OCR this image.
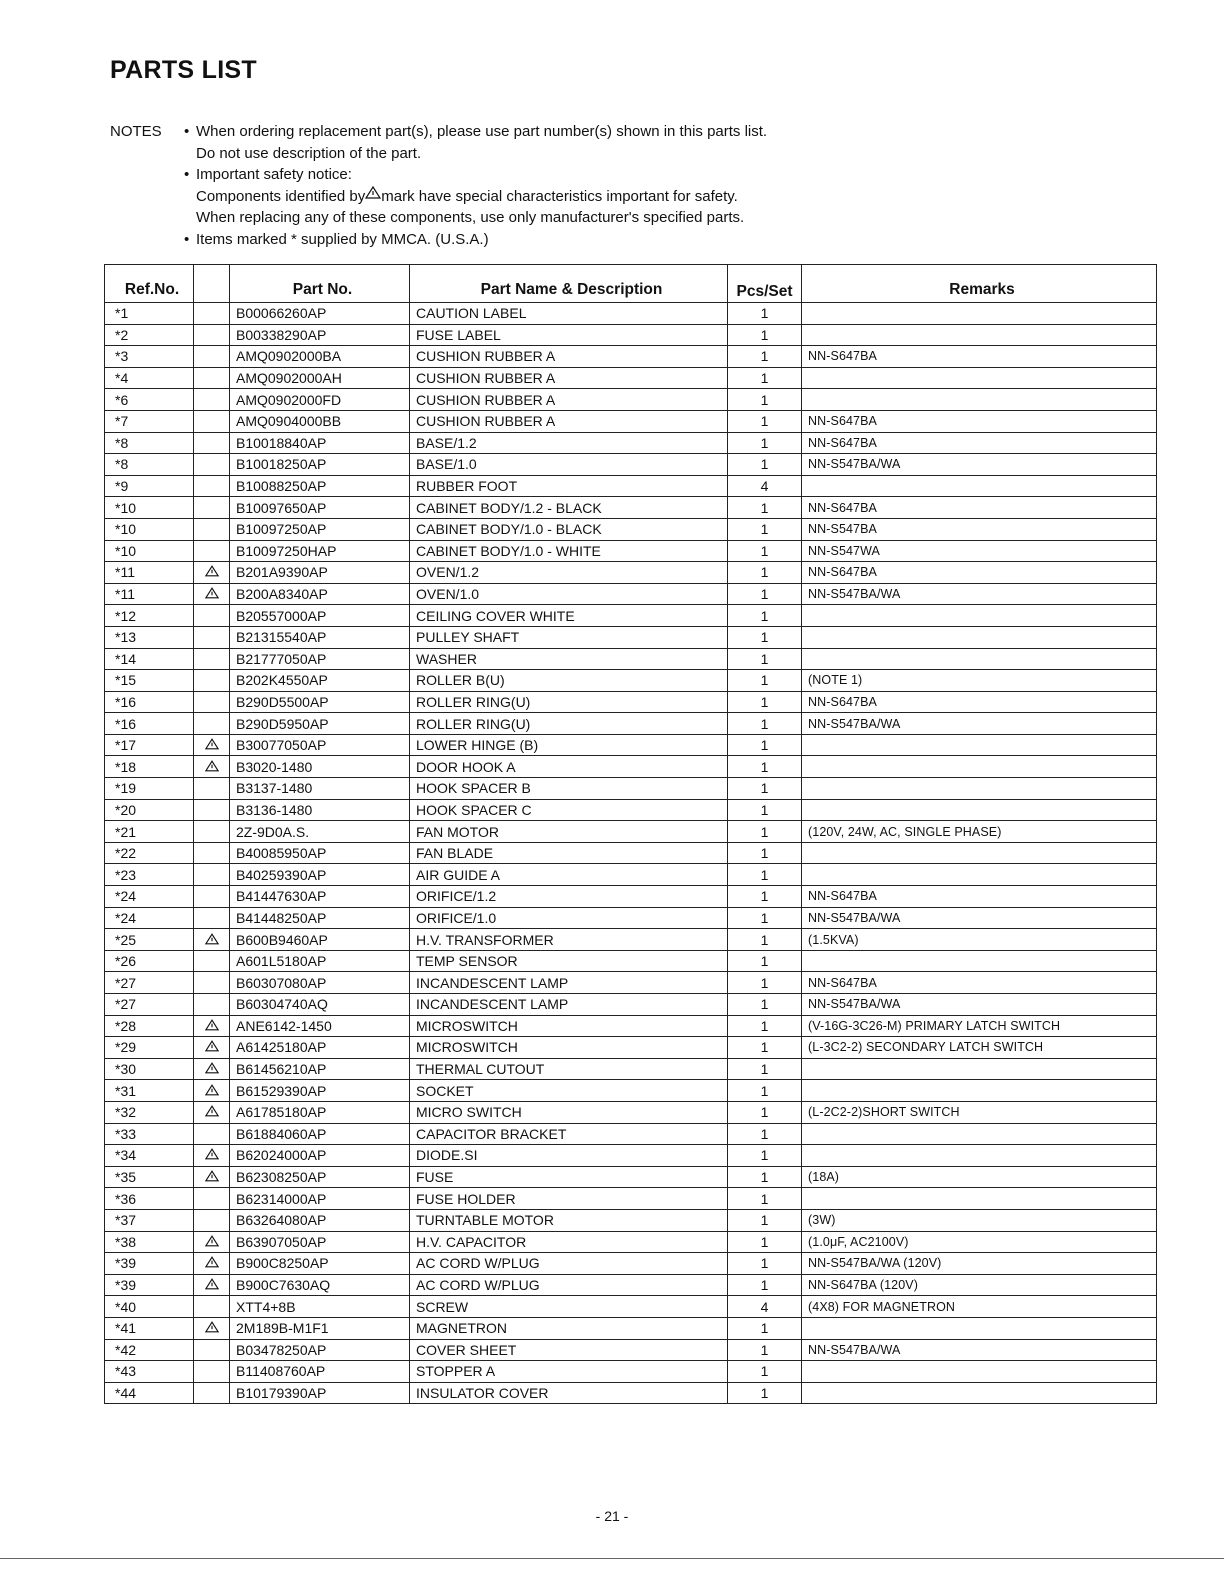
PARTS LIST
NOTES	• When ordering replacement part(s), please use part number(s) shown in this parts list.
Do not use description of the part.
• Important safety notice:
Components identified by mark have special characteristics important for safety.
When replacing any of these components, use only manufacturer's specified parts.
• Items marked * supplied by MMCA. (U.S.A.)
Ref.No.		Part No.	Part Name & Description	Pcs/Set	Remarks
*1		B00066260AP	CAUTION LABEL	1	
*2		B00338290AP	FUSE LABEL	1	
*3		AMQ0902000BA	CUSHION RUBBER A	1	NN-S647BA
*4		AMQ0902000AH	CUSHION RUBBER A	1	
*6		AMQ0902000FD	CUSHION RUBBER A	1	
*7		AMQ0904000BB	CUSHION RUBBER A	1	NN-S647BA
*8		B10018840AP	BASE/1.2	1	NN-S647BA
*8		B10018250AP	BASE/1.0	1	NN-S547BA/WA
*9		B10088250AP	RUBBER FOOT	4	
*10		B10097650AP	CABINET BODY/1.2 - BLACK	1	NN-S647BA
*10		B10097250AP	CABINET BODY/1.0 - BLACK	1	NN-S547BA
*10		B10097250HAP	CABINET BODY/1.0 - WHITE	1	NN-S547WA
*11		B201A9390AP	OVEN/1.2	1	NN-S647BA
*11		B200A8340AP	OVEN/1.0	1	NN-S547BA/WA
*12		B20557000AP	CEILING COVER WHITE	1	
*13		B21315540AP	PULLEY SHAFT	1	
*14		B21777050AP	WASHER	1	
*15		B202K4550AP	ROLLER B(U)	1	(NOTE 1)
*16		B290D5500AP	ROLLER RING(U)	1	NN-S647BA
*16		B290D5950AP	ROLLER RING(U)	1	NN-S547BA/WA
*17		B30077050AP	LOWER HINGE (B)	1	
*18		B3020-1480	DOOR HOOK A	1	
*19		B3137-1480	HOOK SPACER B	1	
*20		B3136-1480	HOOK SPACER C	1	
*21		2Z-9D0A.S.	FAN MOTOR	1	(120V, 24W, AC, SINGLE PHASE)
*22		B40085950AP	FAN BLADE	1	
*23		B40259390AP	AIR GUIDE A	1	
*24		B41447630AP	ORIFICE/1.2	1	NN-S647BA
*24		B41448250AP	ORIFICE/1.0	1	NN-S547BA/WA
*25		B600B9460AP	H.V. TRANSFORMER	1	(1.5KVA)
*26		A601L5180AP	TEMP SENSOR	1	
*27		B60307080AP	INCANDESCENT LAMP	1	NN-S647BA
*27		B60304740AQ	INCANDESCENT LAMP	1	NN-S547BA/WA
*28		ANE6142-1450	MICROSWITCH	1	(V-16G-3C26-M) PRIMARY LATCH SWITCH
*29		A61425180AP	MICROSWITCH	1	(L-3C2-2) SECONDARY LATCH SWITCH
*30		B61456210AP	THERMAL CUTOUT	1	
*31		B61529390AP	SOCKET	1	
*32		A61785180AP	MICRO SWITCH	1	(L-2C2-2)SHORT SWITCH
*33		B61884060AP	CAPACITOR BRACKET	1	
*34		B62024000AP	DIODE.SI	1	
*35		B62308250AP	FUSE	1	(18A)
*36		B62314000AP	FUSE HOLDER	1	
*37		B63264080AP	TURNTABLE MOTOR	1	(3W)
*38		B63907050AP	H.V. CAPACITOR	1	(1.0μF, AC2100V)
*39		B900C8250AP	AC CORD W/PLUG	1	NN-S547BA/WA (120V)
*39		B900C7630AQ	AC CORD W/PLUG	1	NN-S647BA (120V)
*40		XTT4+8B	SCREW	4	(4X8) FOR MAGNETRON
*41		2M189B-M1F1	MAGNETRON	1	
*42		B03478250AP	COVER SHEET	1	NN-S547BA/WA
*43		B11408760AP	STOPPER A	1	
*44		B10179390AP	INSULATOR COVER	1	
- 21 -
